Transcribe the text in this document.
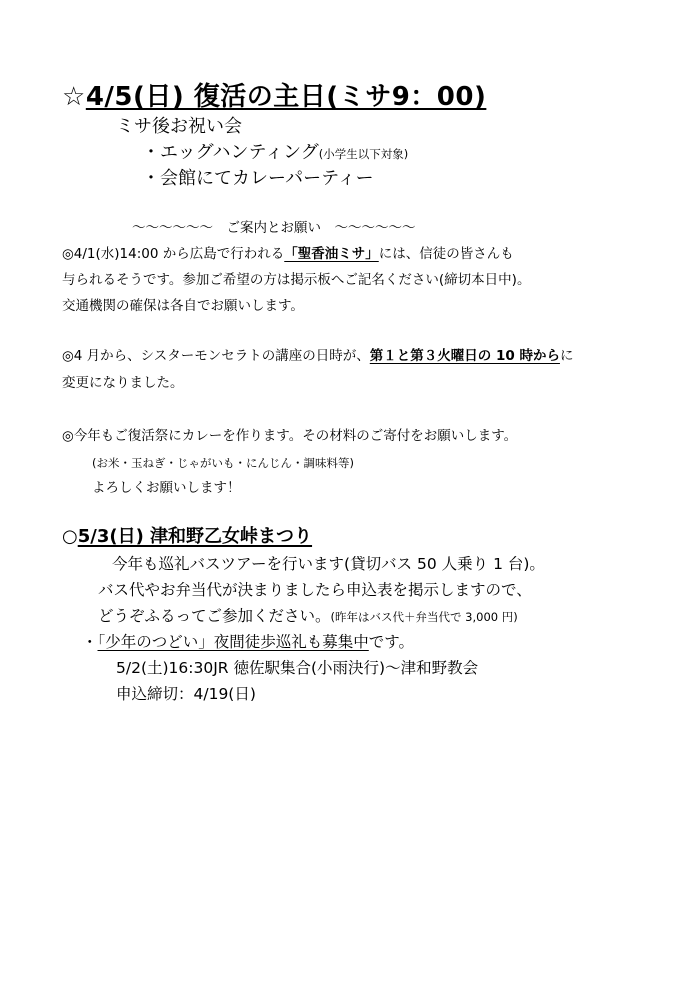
☆4/5(日) 復活の主日(ミサ9：00)
ミサ後お祝い会
・エッグハンティング(小学生以下対象)
・会館にてカレーパーティー
～～～～～～　ご案内とお願い　～～～～～～
◎4/1(水)14:00 から広島で行われる「聖香油ミサ」には、信徒の皆さんも
与られるそうです。参加ご希望の方は掲示板へご記名ください(締切本日中)。
交通機関の確保は各自でお願いします。
◎4 月から、シスターモンセラトの講座の日時が、第１と第３火曜日の 10 時からに
変更になりました。
◎今年もご復活祭にカレーを作ります。その材料のご寄付をお願いします。
(お米・玉ねぎ・じゃがいも・にんじん・調味料等)
よろしくお願いします！
○5/3(日) 津和野乙女峠まつり
今年も巡礼バスツアーを行います(貸切バス 50 人乗り 1 台)。
バス代やお弁当代が決まりましたら申込表を掲示しますので、
どうぞふるってご参加ください。(昨年はバス代＋弁当代で 3,000 円)
・「少年のつどい」夜間徒歩巡礼も募集中です。
5/2(土)16:30JR 徳佐駅集合(小雨決行)～津和野教会
申込締切：4/19(日)
